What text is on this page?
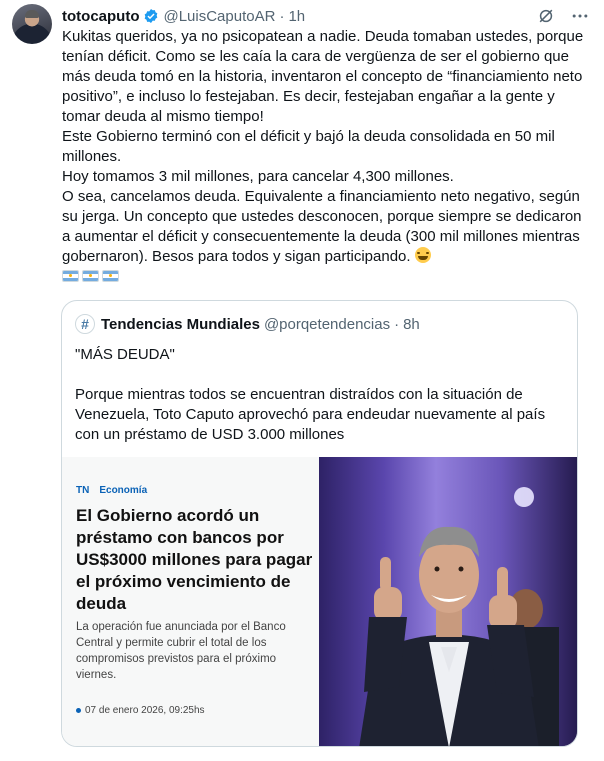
totocaputo @LuisCaputoAR · 1h

Kukitas queridos, ya no psicopatean a nadie. Deuda tomaban ustedes, porque tenían déficit. Como se les caía la cara de vergüenza de ser el gobierno que más deuda tomó en la historia, inventaron el concepto de “financiamiento neto positivo”, e incluso lo festejaban. Es decir, festejaban engañar a la gente y tomar deuda al mismo tiempo!

Este Gobierno terminó con el déficit y bajó la deuda consolidada en 50 mil millones.

Hoy tomamos 3 mil millones, para cancelar 4,300 millones.

O sea, cancelamos deuda. Equivalente a financiamiento neto negativo, según su jerga. Un concepto que ustedes desconocen, porque siempre se dedicaron a aumentar el déficit y consecuentemente la deuda (300 mil millones mientras gobernaron). Besos para todos y sigan participando.

# Tendencias Mundiales @porqetendencias · 8h

"MÁS DEUDA"

Porque mientras todos se encuentran distraídos con la situación de Venezuela, Toto Caputo aprovechó para endeudar nuevamente al país con un préstamo de USD 3.000 millones

TN Economía
El Gobierno acordó un préstamo con bancos por US$3000 millones para pagar el próximo vencimiento de deuda
La operación fue anunciada por el Banco Central y permite cubrir el total de los compromisos previstos para el próximo viernes.
07 de enero 2026, 09:25hs
